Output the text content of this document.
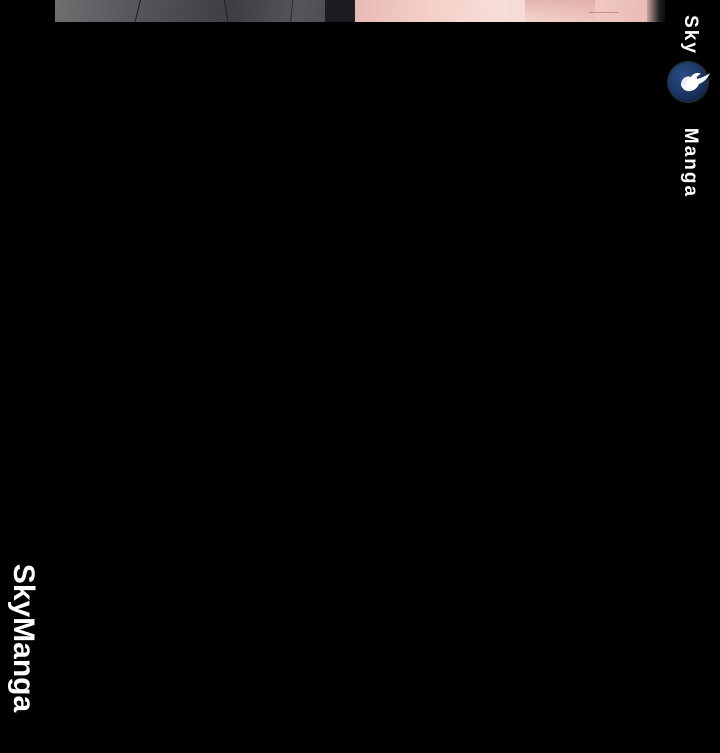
Sky
Manga
SkyManga
